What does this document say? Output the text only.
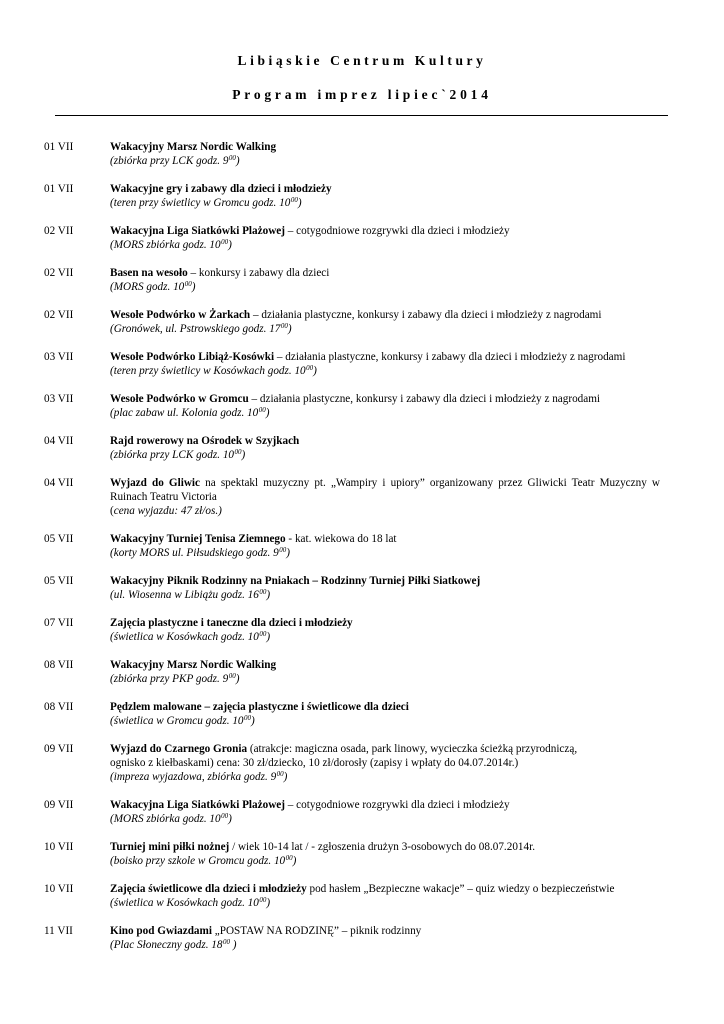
Libiąskie Centrum Kultury
Program imprez lipiec`2014
01 VII	Wakacyjny Marsz Nordic Walking
(zbiórka przy LCK godz. $9^{00}$)
01 VII	Wakacyjne gry i zabawy dla dzieci i młodzieży
(teren przy świetlicy w Gromcu godz. $10^{00}$)
02 VII	Wakacyjna Liga Siatkówki Plażowej – cotygodniowe rozgrywki dla dzieci i młodzieży
(MORS zbiórka godz. $10^{00}$)
02 VII	Basen na wesoło – konkursy i zabawy dla dzieci
(MORS godz. $10^{00}$)
02 VII	Wesołe Podwórko w Żarkach – działania plastyczne, konkursy i zabawy dla dzieci i młodzieży z nagrodami
(Gronówek, ul. Pstrowskiego godz. $17^{00}$)
03 VII	Wesołe Podwórko Libiąż-Kosówki – działania plastyczne, konkursy i zabawy dla dzieci i młodzieży z nagrodami
(teren przy świetlicy w Kosówkach godz. $10^{00}$)
03 VII	Wesołe Podwórko w Gromcu – działania plastyczne, konkursy i zabawy dla dzieci i młodzieży z nagrodami
(plac zabaw ul. Kolonia godz. $10^{00}$)
04 VII	Rajd rowerowy na Ośrodek w Szyjkach
(zbiórka przy LCK godz. $10^{00}$)
04 VII	Wyjazd do Gliwic na spektakl muzyczny pt. „Wampiry i upiory” organizowany przez Gliwicki Teatr Muzyczny w Ruinach Teatru Victoria
(cena wyjazdu: 47 zł/os.)
05 VII	Wakacyjny Turniej Tenisa Ziemnego - kat. wiekowa do 18 lat
(korty MORS ul. Piłsudskiego godz. $9^{00}$)
05 VII	Wakacyjny Piknik Rodzinny na Pniakach – Rodzinny Turniej Piłki Siatkowej
(ul. Wiosenna w Libiążu godz. $16^{00}$)
07 VII	Zajęcia plastyczne i taneczne dla dzieci i młodzieży
(świetlica w Kosówkach godz. $10^{00}$)
08 VII	Wakacyjny Marsz Nordic Walking
(zbiórka przy PKP godz. $9^{00}$)
08 VII	Pędzlem malowane – zajęcia plastyczne i świetlicowe dla dzieci
(świetlica w Gromcu godz. $10^{00}$)
09 VII	Wyjazd do Czarnego Gronia (atrakcje: magiczna osada, park linowy, wycieczka ścieżką przyrodniczą,
ognisko z kiełbaskami) cena: 30 zł/dziecko, 10 zł/dorosły (zapisy i wpłaty do 04.07.2014r.)
(impreza wyjazdowa, zbiórka godz. $9^{00}$)
09 VII	Wakacyjna Liga Siatkówki Plażowej – cotygodniowe rozgrywki dla dzieci i młodzieży
(MORS zbiórka godz. $10^{00}$)
10 VII	Turniej mini piłki nożnej / wiek 10-14 lat / - zgłoszenia drużyn 3-osobowych do 08.07.2014r.
(boisko przy szkole w Gromcu godz. $10^{00}$)
10 VII	Zajęcia świetlicowe dla dzieci i młodzieży pod hasłem „Bezpieczne wakacje” – quiz wiedzy o bezpieczeństwie
(świetlica w Kosówkach godz. $10^{00}$)
11 VII	Kino pod Gwiazdami „POSTAW NA RODZINĘ” – piknik rodzinny
(Plac Słoneczny godz. $18^{00}$ )
